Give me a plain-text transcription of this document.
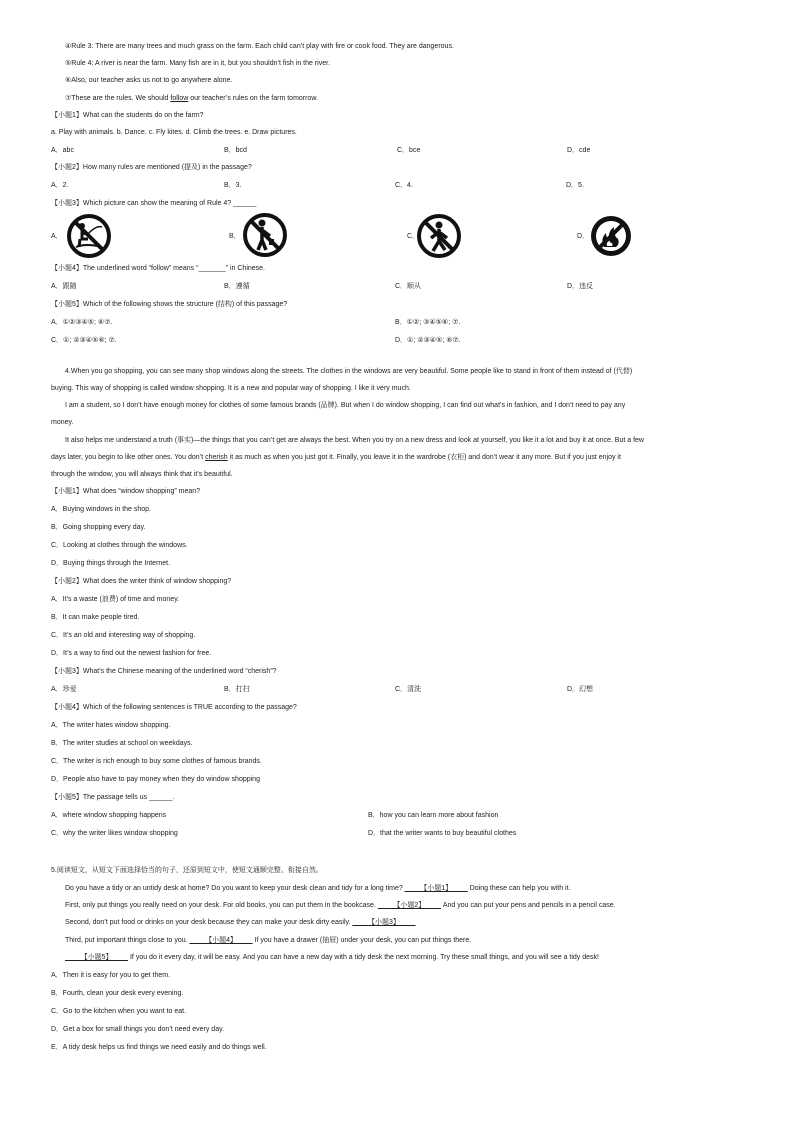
④Rule 3: There are many trees and much grass on the farm. Each child can’t play with fire or cook food. They are dangerous.
⑤Rule 4: A river is near the farm. Many fish are in it, but you shouldn’t fish in the river.
⑥Also, our teacher asks us not to go anywhere alone.
⑦These are the rules. We should follow our teacher’s rules on the farm tomorrow.
【小题1】What can the students do on the farm?
a. Play with animals. b. Dance. c. Fly kites. d. Climb the trees. e. Draw pictures.
A．abc	B．bcd	C．bce	D．cde
【小题2】How many rules are mentioned (提及) in the passage?
A．2.	B．3.	C．4.	D．5.
【小题3】Which picture can show the meaning of Rule 4? ______
A．	B．	C．	D．
【小题4】The underlined word “follow” means “_______” in Chinese.
A．跟随	B．遵循	C．顺从	D．违反
【小题5】Which of the following shows the structure (结构) of this passage?
A．①②③④⑤; ⑥⑦.	B．①②; ③④⑤⑥; ⑦.
C．①; ②③④⑤⑥; ⑦.	D．①; ②③④⑤; ⑥⑦.
4.When you go shopping, you can see many shop windows along the streets. The clothes in the windows are very beautiful. Some people like to stand in front of them instead of (代替)
buying. This way of shopping is called window shopping. It is a new and popular way of shopping. I like it very much.
I am a student, so I don’t have enough money for clothes of some famous brands (品牌). But when I do window shopping, I can find out what’s in fashion, and I don’t need to pay any
money.
It also helps me understand a truth (事实)—the things that you can’t get are always the best. When you try on a new dress and look at yourself, you like it a lot and buy it at once. But a few
days later, you begin to like other ones. You don’t cherish it as much as when you just got it. Finally, you leave it in the wardrobe (衣柜) and don’t wear it any more. But if you just enjoy it
through the window, you will always think that it’s beautiful.
【小题1】What does “window shopping” mean?
A．Buying windows in the shop.
B．Going shopping every day.
C．Looking at clothes through the windows.
D．Buying things through the Internet.
【小题2】What does the writer think of window shopping?
A．It’s a waste (浪费) of time and money.
B．It can make people tired.
C．It’s an old and interesting way of shopping.
D．It’s a way to find out the newest fashion for free.
【小题3】What’s the Chinese meaning of the underlined word “cherish”?
A．珍爱	B．打扫	C．清洗	D．幻想
【小题4】Which of the following sentences is TRUE according to the passage?
A．The writer hates window shopping.
B．The writer studies at school on weekdays.
C．The writer is rich enough to buy some clothes of famous brands.
D．People also have to pay money when they do window shopping
【小题5】The passage tells us ______.
A．where window shopping happens	B．how you can learn more about fashion
C．why the writer likes window shopping	D．that the writer wants to buy beautiful clothes
5.阅读短文，从短文下面选择恰当的句子，还原到短文中，使短文通顺完整、衔接自然。
Do you have a tidy or an untidy desk at home? Do you want to keep your desk clean and tidy for a long time? ____【小题1】____ Doing these can help you with it.
First, only put things you really need on your desk. For old books, you can put them in the bookcase. ____【小题2】____ And you can put your pens and pencils in a pencil case.
Second, don’t put food or drinks on your desk because they can make your desk dirty easily. ____【小题3】____
Third, put important things close to you. ____【小题4】____ If you have a drawer (抽屉) under your desk, you can put things there.
____【小题5】____ If you do it every day, it will be easy. And you can have a new day with a tidy desk the next morning. Try these small things, and you will see a tidy desk!
A．Then it is easy for you to get them.
B．Fourth, clean your desk every evening.
C．Go to the kitchen when you want to eat.
D．Get a box for small things you don’t need every day.
E．A tidy desk helps us find things we need easily and do things well.
